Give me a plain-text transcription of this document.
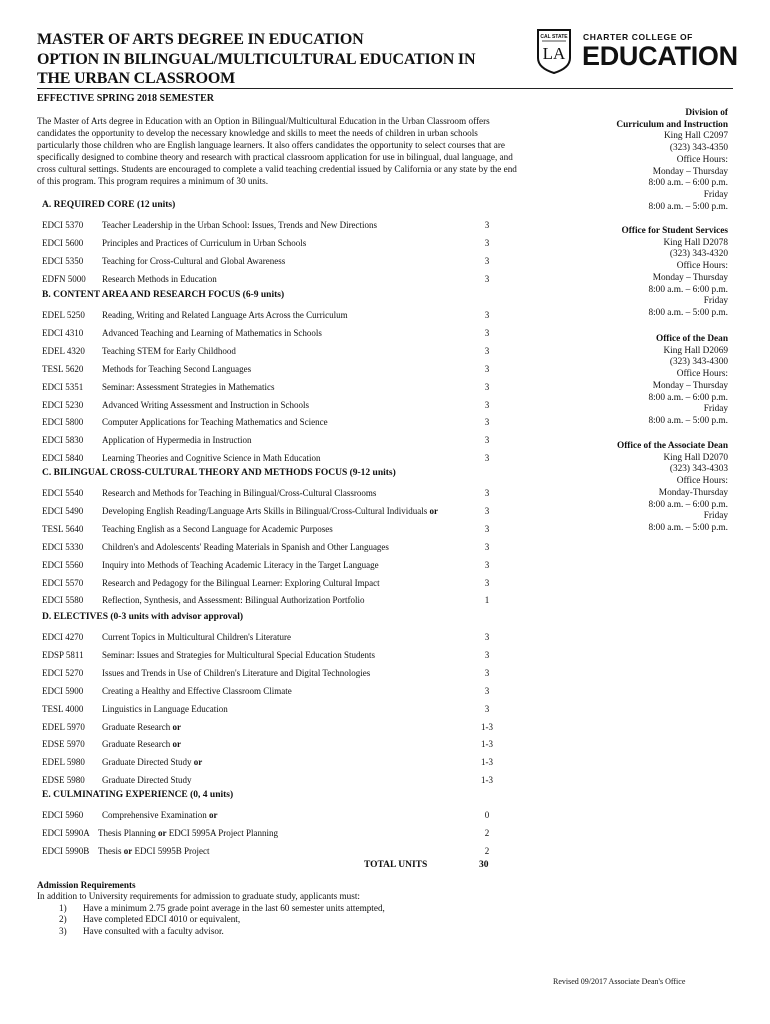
MASTER OF ARTS DEGREE IN EDUCATION
OPTION IN BILINGUAL/MULTICULTURAL EDUCATION IN
THE URBAN CLASSROOM
CAL STATE
LA
CHARTER COLLEGE OF
EDUCATION
EFFECTIVE SPRING 2018 SEMESTER
The Master of Arts degree in Education with an Option in Bilingual/Multicultural Education in the Urban Classroom offers candidates the opportunity to develop the necessary knowledge and skills to meet the needs of children in urban schools particularly those children who are English language learners. It also offers candidates the opportunity to select courses that are specifically designed to combine theory and research with practical classroom application for use in bilingual, dual language, and cross cultural settings. Students are encouraged to complete a valid teaching credential issued by California or any state by the end of this program. This program requires a minimum of 30 units.
A. REQUIRED CORE (12 units)
EDCI 5370 Teacher Leadership in the Urban School: Issues, Trends and New Directions	3
EDCI 5600 Principles and Practices of Curriculum in Urban Schools	3
EDCI 5350 Teaching for Cross-Cultural and Global Awareness	3
EDFN 5000 Research Methods in Education	3
B. CONTENT AREA AND RESEARCH FOCUS (6-9 units)
EDEL 5250 Reading, Writing and Related Language Arts Across the Curriculum	3
EDCI 4310 Advanced Teaching and Learning of Mathematics in Schools	3
EDEL 4320 Teaching STEM for Early Childhood	3
TESL 5620 Methods for Teaching Second Languages	3
EDCI 5351 Seminar: Assessment Strategies in Mathematics	3
EDCI 5230 Advanced Writing Assessment and Instruction in Schools	3
EDCI 5800 Computer Applications for Teaching Mathematics and Science	3
EDCI 5830 Application of Hypermedia in Instruction	3
EDCI 5840 Learning Theories and Cognitive Science in Math Education	3
C. BILINGUAL CROSS-CULTURAL THEORY AND METHODS FOCUS (9-12 units)
EDCI 5540 Research and Methods for Teaching in Bilingual/Cross-Cultural Classrooms	3
EDCI 5490 Developing English Reading/Language Arts Skills in Bilingual/Cross-Cultural Individuals or	3
TESL 5640 Teaching English as a Second Language for Academic Purposes	3
EDCI 5330 Children's and Adolescents' Reading Materials in Spanish and Other Languages	3
EDCI 5560 Inquiry into Methods of Teaching Academic Literacy in the Target Language	3
EDCI 5570 Research and Pedagogy for the Bilingual Learner: Exploring Cultural Impact	3
EDCI 5580 Reflection, Synthesis, and Assessment: Bilingual Authorization Portfolio	1
D. ELECTIVES (0-3 units with advisor approval)
EDCI 4270 Current Topics in Multicultural Children's Literature	3
EDSP 5811 Seminar: Issues and Strategies for Multicultural Special Education Students	3
EDCI 5270 Issues and Trends in Use of Children's Literature and Digital Technologies	3
EDCI 5900 Creating a Healthy and Effective Classroom Climate	3
TESL 4000 Linguistics in Language Education	3
EDEL 5970 Graduate Research or	1-3
EDSE 5970 Graduate Research or	1-3
EDEL 5980 Graduate Directed Study or	1-3
EDSE 5980 Graduate Directed Study	1-3
E. CULMINATING EXPERIENCE (0, 4 units)
EDCI 5960 Comprehensive Examination or	0
EDCI 5990A Thesis Planning or EDCI 5995A Project Planning	2
EDCI 5990B Thesis or EDCI 5995B Project	2
TOTAL UNITS	30
Admission Requirements
In addition to University requirements for admission to graduate study, applicants must:
1) Have a minimum 2.75 grade point average in the last 60 semester units attempted,
2) Have completed EDCI 4010 or equivalent,
3) Have consulted with a faculty advisor.
Division of
Curriculum and Instruction
King Hall C2097
(323) 343-4350
Office Hours:
Monday – Thursday
8:00 a.m. – 6:00 p.m.
Friday
8:00 a.m. – 5:00 p.m.
Office for Student Services
King Hall D2078
(323) 343-4320
Office Hours:
Monday – Thursday
8:00 a.m. – 6:00 p.m.
Friday
8:00 a.m. – 5:00 p.m.
Office of the Dean
King Hall D2069
(323) 343-4300
Office Hours:
Monday – Thursday
8:00 a.m. – 6:00 p.m.
Friday
8:00 a.m. – 5:00 p.m.
Office of the Associate Dean
King Hall D2070
(323) 343-4303
Office Hours:
Monday-Thursday
8:00 a.m. – 6:00 p.m.
Friday
8:00 a.m. – 5:00 p.m.
Revised 09/2017 Associate Dean's Office
